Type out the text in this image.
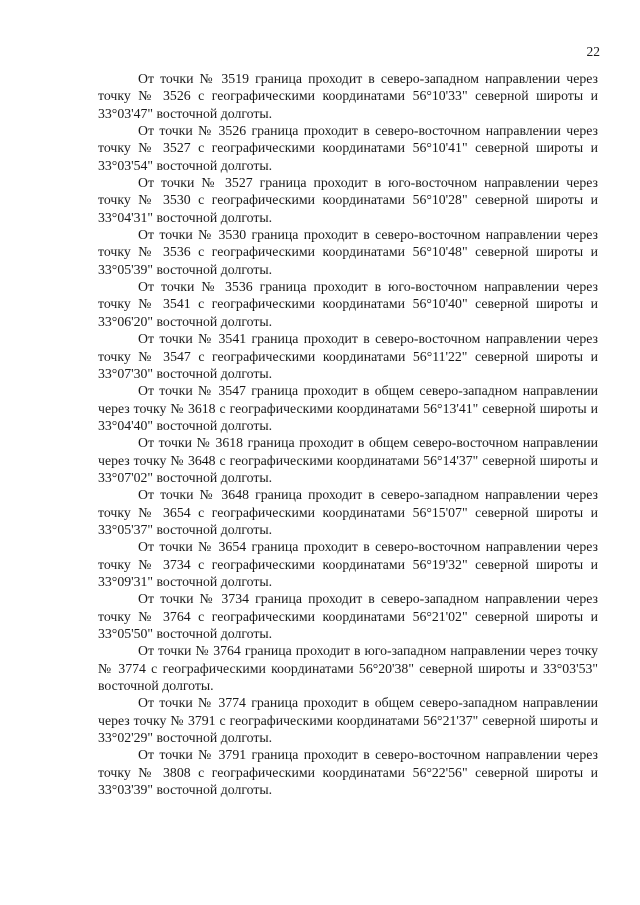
22

От точки № 3519 граница проходит в северо-западном направлении через точку № 3526 с географическими координатами 56°10'33" северной широты и 33°03'47" восточной долготы.

От точки № 3526 граница проходит в северо-восточном направлении через точку № 3527 с географическими координатами 56°10'41" северной широты и 33°03'54" восточной долготы.

От точки № 3527 граница проходит в юго-восточном направлении через точку № 3530 с географическими координатами 56°10'28" северной широты и 33°04'31" восточной долготы.

От точки № 3530 граница проходит в северо-восточном направлении через точку № 3536 с географическими координатами 56°10'48" северной широты и 33°05'39" восточной долготы.

От точки № 3536 граница проходит в юго-восточном направлении через точку № 3541 с географическими координатами 56°10'40" северной широты и 33°06'20" восточной долготы.

От точки № 3541 граница проходит в северо-восточном направлении через точку № 3547 с географическими координатами 56°11'22" северной широты и 33°07'30" восточной долготы.

От точки № 3547 граница проходит в общем северо-западном направлении через точку № 3618 с географическими координатами 56°13'41" северной широты и 33°04'40" восточной долготы.

От точки № 3618 граница проходит в общем северо-восточном направлении через точку № 3648 с географическими координатами 56°14'37" северной широты и 33°07'02" восточной долготы.

От точки № 3648 граница проходит в северо-западном направлении через точку № 3654 с географическими координатами 56°15'07" северной широты и 33°05'37" восточной долготы.

От точки № 3654 граница проходит в северо-восточном направлении через точку № 3734 с географическими координатами 56°19'32" северной широты и 33°09'31" восточной долготы.

От точки № 3734 граница проходит в северо-западном направлении через точку № 3764 с географическими координатами 56°21'02" северной широты и 33°05'50" восточной долготы.

От точки № 3764 граница проходит в юго-западном направлении через точку № 3774 с географическими координатами 56°20'38" северной широты и 33°03'53" восточной долготы.

От точки № 3774 граница проходит в общем северо-западном направлении через точку № 3791 с географическими координатами 56°21'37" северной широты и 33°02'29" восточной долготы.

От точки № 3791 граница проходит в северо-восточном направлении через точку № 3808 с географическими координатами 56°22'56" северной широты и 33°03'39" восточной долготы.
